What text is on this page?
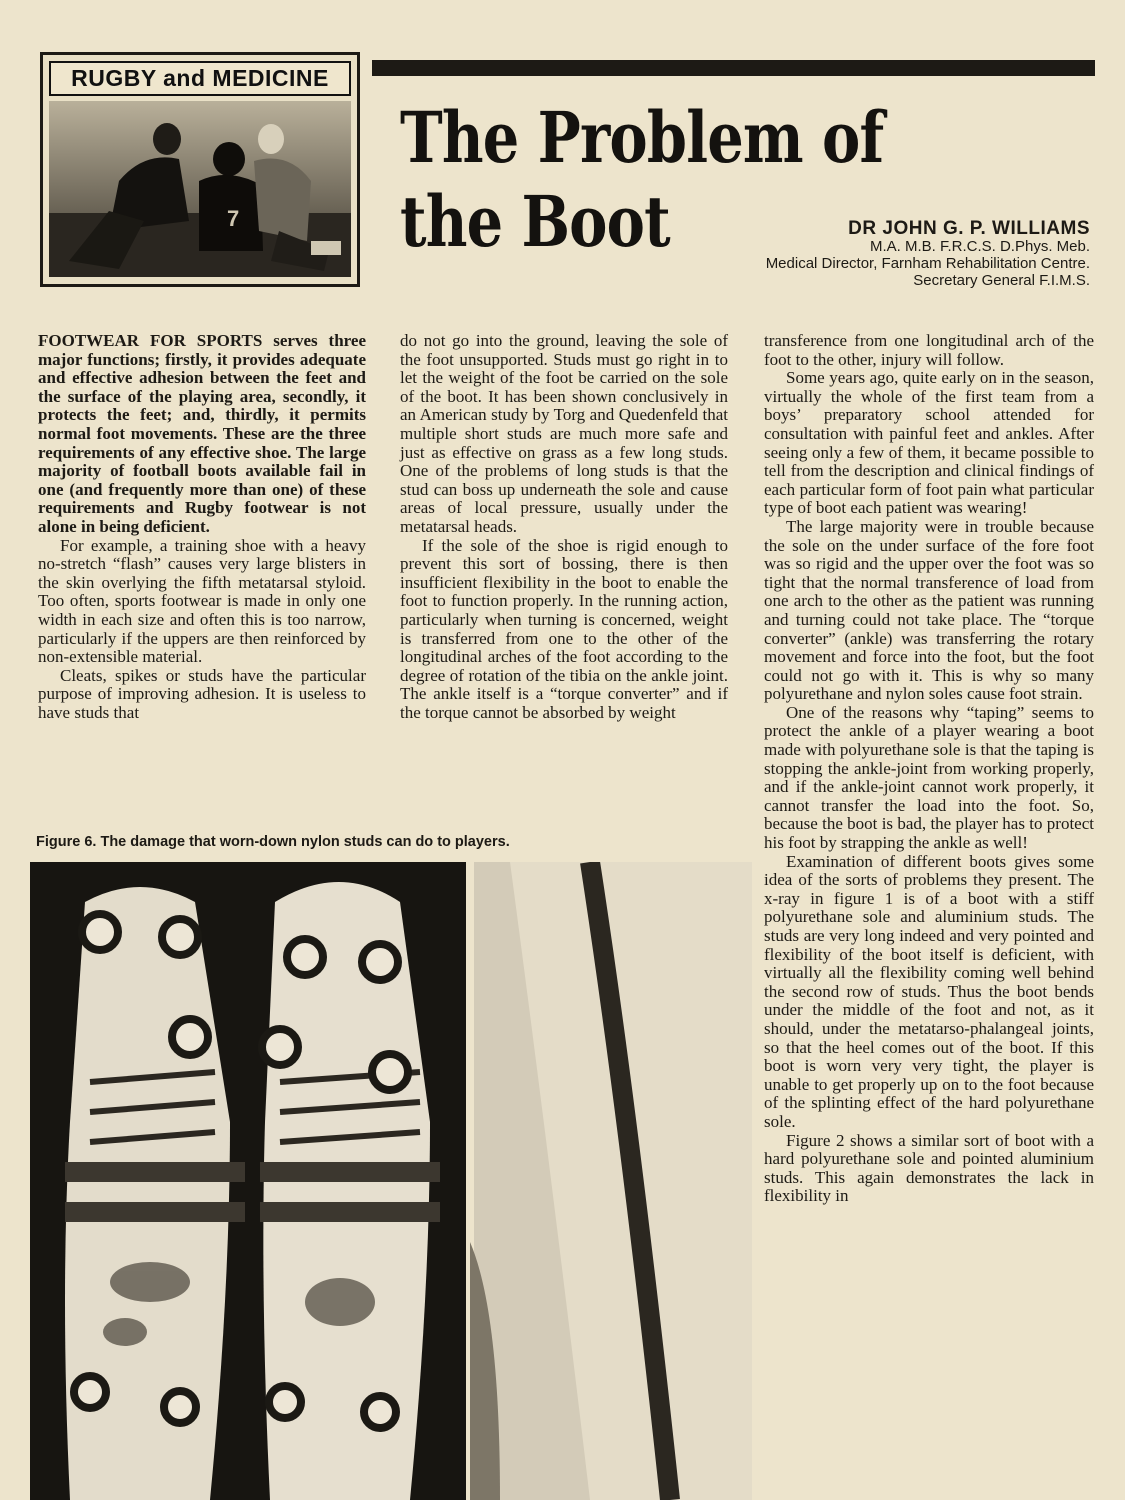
RUGBY and MEDICINE
7
The Problem of the Boot	DR JOHN G. P. WILLIAMS
M.A. M.B. F.R.C.S. D.Phys. Meb.
Medical Director, Farnham Rehabilitation Centre.
Secretary General F.I.M.S.

FOOTWEAR FOR SPORTS serves three major functions; firstly, it provides adequate and effective adhesion between the feet and the surface of the playing area, secondly, it protects the feet; and, thirdly, it permits normal foot movements. These are the three requirements of any effective shoe. The large majority of football boots available fail in one (and frequently more than one) of these requirements and Rugby footwear is not alone in being deficient.

For example, a training shoe with a heavy no-stretch “flash” causes very large blisters in the skin overlying the fifth metatarsal styloid. Too often, sports footwear is made in only one width in each size and often this is too narrow, particularly if the uppers are then reinforced by non-extensible material.

Cleats, spikes or studs have the particular purpose of improving adhesion. It is useless to have studs that

do not go into the ground, leaving the sole of the foot unsupported. Studs must go right in to let the weight of the foot be carried on the sole of the boot. It has been shown conclusively in an American study by Torg and Quedenfeld that multiple short studs are much more safe and just as effective on grass as a few long studs. One of the problems of long studs is that the stud can boss up underneath the sole and cause areas of local pressure, usually under the metatarsal heads.

If the sole of the shoe is rigid enough to prevent this sort of bossing, there is then insufficient flexibility in the boot to enable the foot to function properly. In the running action, particularly when turning is concerned, weight is transferred from one to the other of the longitudinal arches of the foot according to the degree of rotation of the tibia on the ankle joint. The ankle itself is a “torque converter” and if the torque cannot be absorbed by weight

transference from one longitudinal arch of the foot to the other, injury will follow.

Some years ago, quite early on in the season, virtually the whole of the first team from a boys’ preparatory school attended for consultation with painful feet and ankles. After seeing only a few of them, it became possible to tell from the description and clinical findings of each particular form of foot pain what particular type of boot each patient was wearing!

The large majority were in trouble because the sole on the under surface of the fore foot was so rigid and the upper over the foot was so tight that the normal transference of load from one arch to the other as the patient was running and turning could not take place. The “torque converter” (ankle) was transferring the rotary movement and force into the foot, but the foot could not go with it. This is why so many polyurethane and nylon soles cause foot strain.

One of the reasons why “taping” seems to protect the ankle of a player wearing a boot made with polyurethane sole is that the taping is stopping the ankle-joint from working properly, and if the ankle-joint cannot work properly, it cannot transfer the load into the foot. So, because the boot is bad, the player has to protect his foot by strapping the ankle as well!

Examination of different boots gives some idea of the sorts of problems they present. The x-ray in figure 1 is of a boot with a stiff polyurethane sole and aluminium studs. The studs are very long indeed and very pointed and flexibility of the boot itself is deficient, with virtually all the flexibility coming well behind the second row of studs. Thus the boot bends under the middle of the foot and not, as it should, under the metatarso-phalangeal joints, so that the heel comes out of the boot. If this boot is worn very very tight, the player is unable to get properly up on to the foot because of the splinting effect of the hard polyurethane sole.

Figure 2 shows a similar sort of boot with a hard polyurethane sole and pointed aluminium studs. This again demonstrates the lack in flexibility in

Figure 6. The damage that worn-down nylon studs can do to players.
